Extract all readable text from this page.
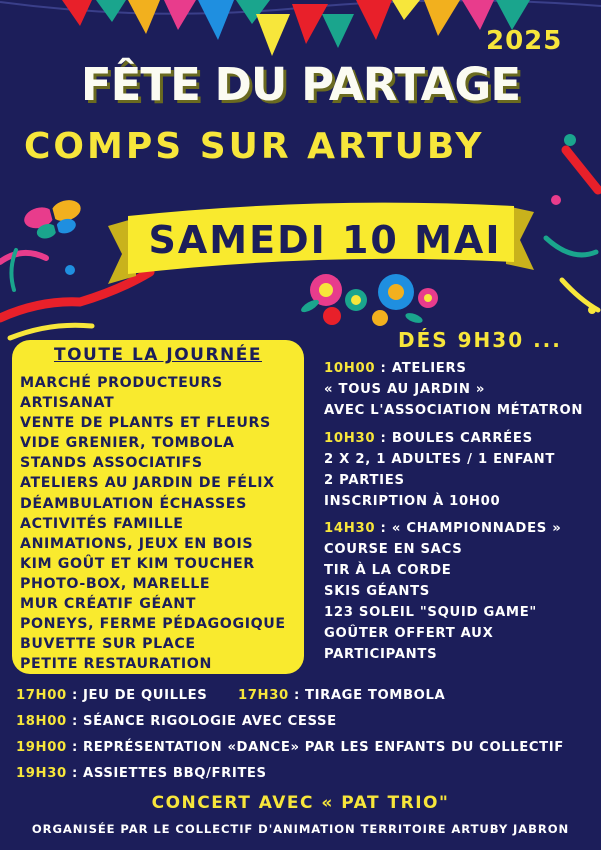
2025
FÊTE DU PARTAGE
COMPS SUR ARTUBY
SAMEDI 10 MAI
DÉS 9H30 ...
TOUTE LA JOURNÉE
MARCHÉ PRODUCTEURS
ARTISANAT
VENTE DE PLANTS ET FLEURS
VIDE GRENIER, TOMBOLA
STANDS ASSOCIATIFS
ATELIERS AU JARDIN DE FÉLIX
DÉAMBULATION ÉCHASSES
ACTIVITÉS FAMILLE
ANIMATIONS, JEUX EN BOIS
KIM GOÛT ET KIM TOUCHER
PHOTO-BOX, MARELLE
MUR CRÉATIF GÉANT
PONEYS, FERME PÉDAGOGIQUE
BUVETTE SUR PLACE
PETITE RESTAURATION
10H00 : ATELIERS
« TOUS AU JARDIN »
AVEC L'ASSOCIATION MÉTATRON
10H30 : BOULES CARRÉES
2 X 2, 1 ADULTES / 1 ENFANT
2 PARTIES
INSCRIPTION À 10H00
14H30 : « CHAMPIONNADES »
COURSE EN SACS
TIR À LA CORDE
SKIS GÉANTS
123 SOLEIL "SQUID GAME"
GOÛTER OFFERT AUX
PARTICIPANTS
17H00 : JEU DE QUILLES 17H30 : TIRAGE TOMBOLA
18H00 : SÉANCE RIGOLOGIE AVEC CESSE
19H00 : REPRÉSENTATION «DANCE» PAR LES ENFANTS DU COLLECTIF
19H30 : ASSIETTES BBQ/FRITES
CONCERT AVEC « PAT TRIO"
ORGANISÉE PAR LE COLLECTIF D'ANIMATION TERRITOIRE ARTUBY JABRON
